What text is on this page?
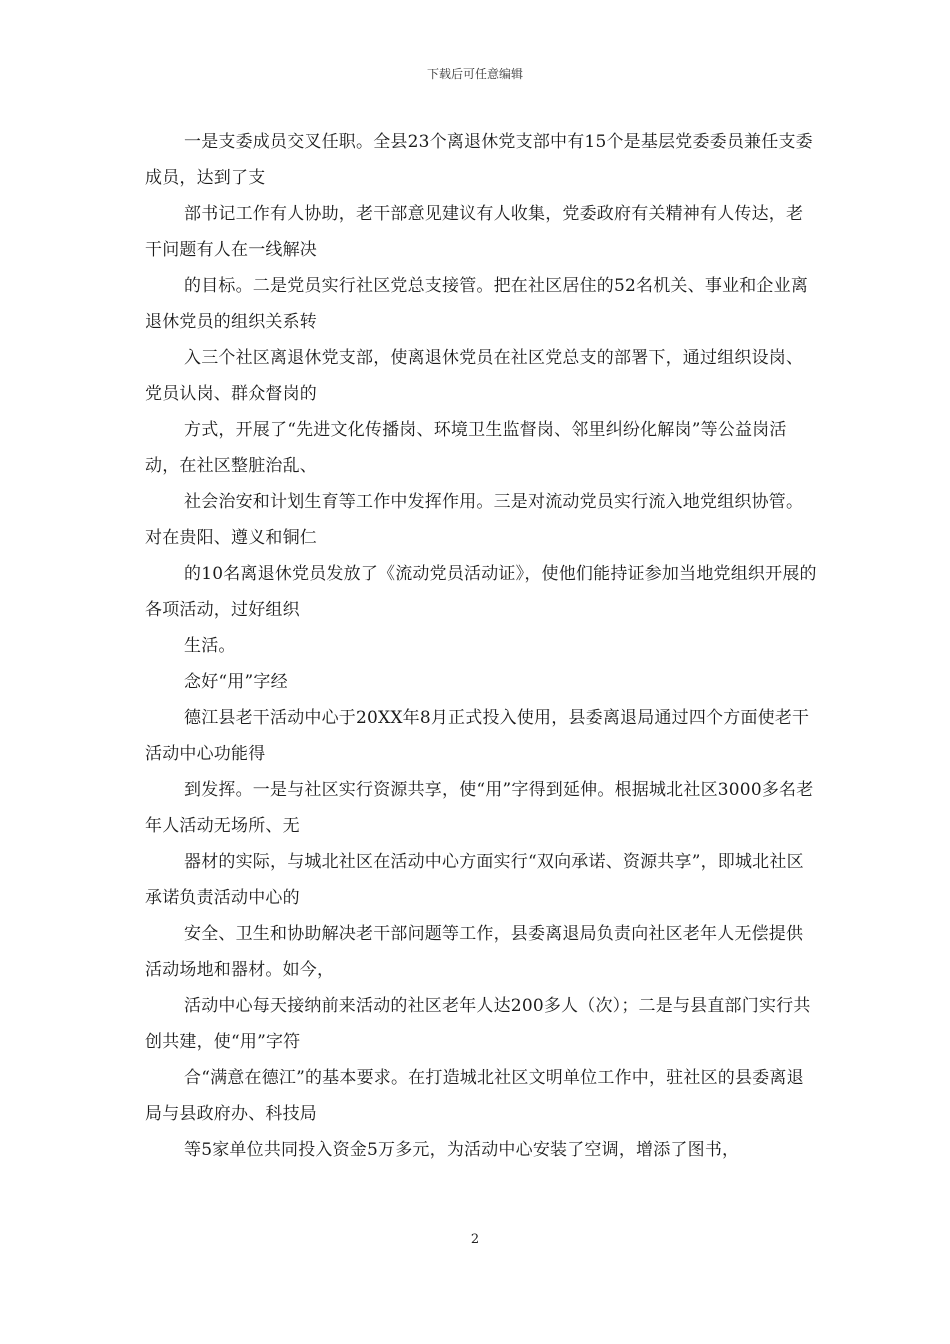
下载后可任意编辑

一是支委成员交叉任职。全县23个离退休党支部中有15个是基层党委委员兼任支委成员，达到了支

部书记工作有人协助，老干部意见建议有人收集，党委政府有关精神有人传达，老干问题有人在一线解决

的目标。二是党员实行社区党总支接管。把在社区居住的52名机关、事业和企业离退休党员的组织关系转

入三个社区离退休党支部，使离退休党员在社区党总支的部署下，通过组织设岗、党员认岗、群众督岗的

方式，开展了“先进文化传播岗、环境卫生监督岗、邻里纠纷化解岗”等公益岗活动，在社区整脏治乱、

社会治安和计划生育等工作中发挥作用。三是对流动党员实行流入地党组织协管。对在贵阳、遵义和铜仁

的10名离退休党员发放了《流动党员活动证》，使他们能持证参加当地党组织开展的各项活动，过好组织

生活。

念好“用”字经

德江县老干活动中心于20XX年8月正式投入使用，县委离退局通过四个方面使老干活动中心功能得

到发挥。一是与社区实行资源共享，使“用”字得到延伸。根据城北社区3000多名老年人活动无场所、无

器材的实际，与城北社区在活动中心方面实行“双向承诺、资源共享”，即城北社区承诺负责活动中心的

安全、卫生和协助解决老干部问题等工作，县委离退局负责向社区老年人无偿提供活动场地和器材。如今，

活动中心每天接纳前来活动的社区老年人达200多人（次）；二是与县直部门实行共创共建，使“用”字符

合“满意在德江”的基本要求。在打造城北社区文明单位工作中，驻社区的县委离退局与县政府办、科技局

等5家单位共同投入资金5万多元，为活动中心安装了空调，增添了图书，

2
